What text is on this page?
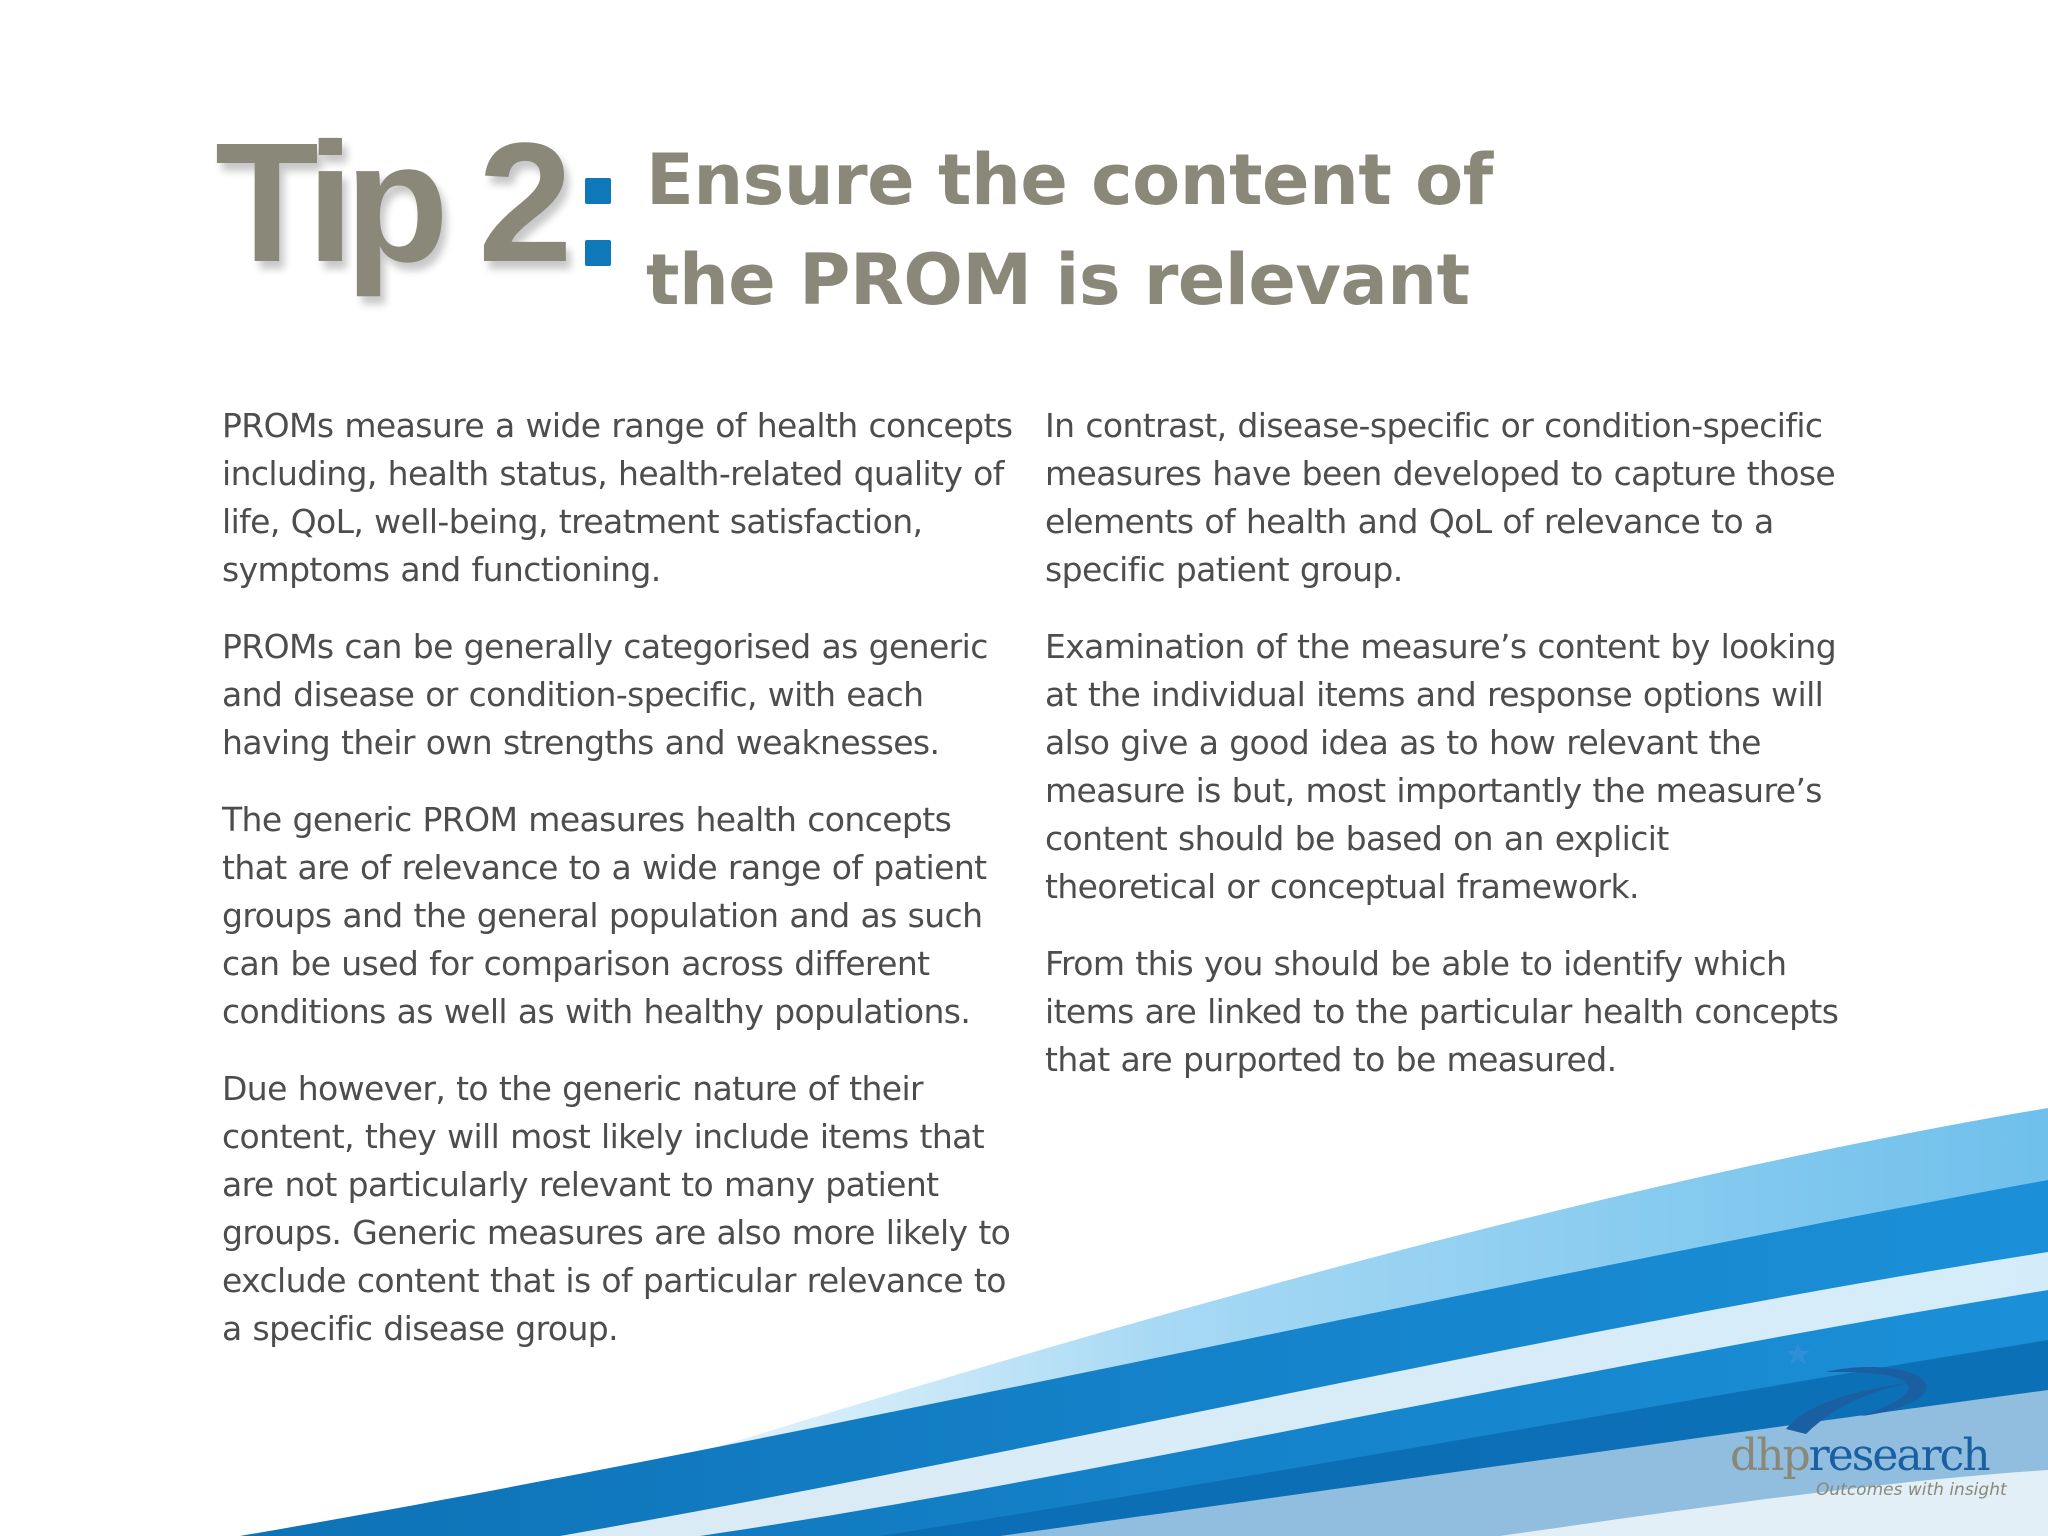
Tip 2 Ensure the content of
the PROM is relevant

PROMs measure a wide range of health concepts including, health status, health-related quality of life, QoL, well-being, treatment satisfaction, symptoms and functioning.

PROMs can be generally categorised as generic and disease or condition-specific, with each having their own strengths and weaknesses.

The generic PROM measures health concepts that are of relevance to a wide range of patient groups and the general population and as such can be used for comparison across different conditions as well as with healthy populations.

Due however, to the generic nature of their content, they will most likely include items that are not particularly relevant to many patient groups. Generic measures are also more likely to exclude content that is of particular relevance to a specific disease group.

In contrast, disease-specific or condition-specific measures have been developed to capture those elements of health and QoL of relevance to a specific patient group.

Examination of the measure’s content by looking at the individual items and response options will also give a good idea as to how relevant the measure is but, most importantly the measure’s content should be based on an explicit theoretical or conceptual framework.

From this you should be able to identify which items are linked to the particular health concepts that are purported to be measured.

dhpresearch

Outcomes with insight
